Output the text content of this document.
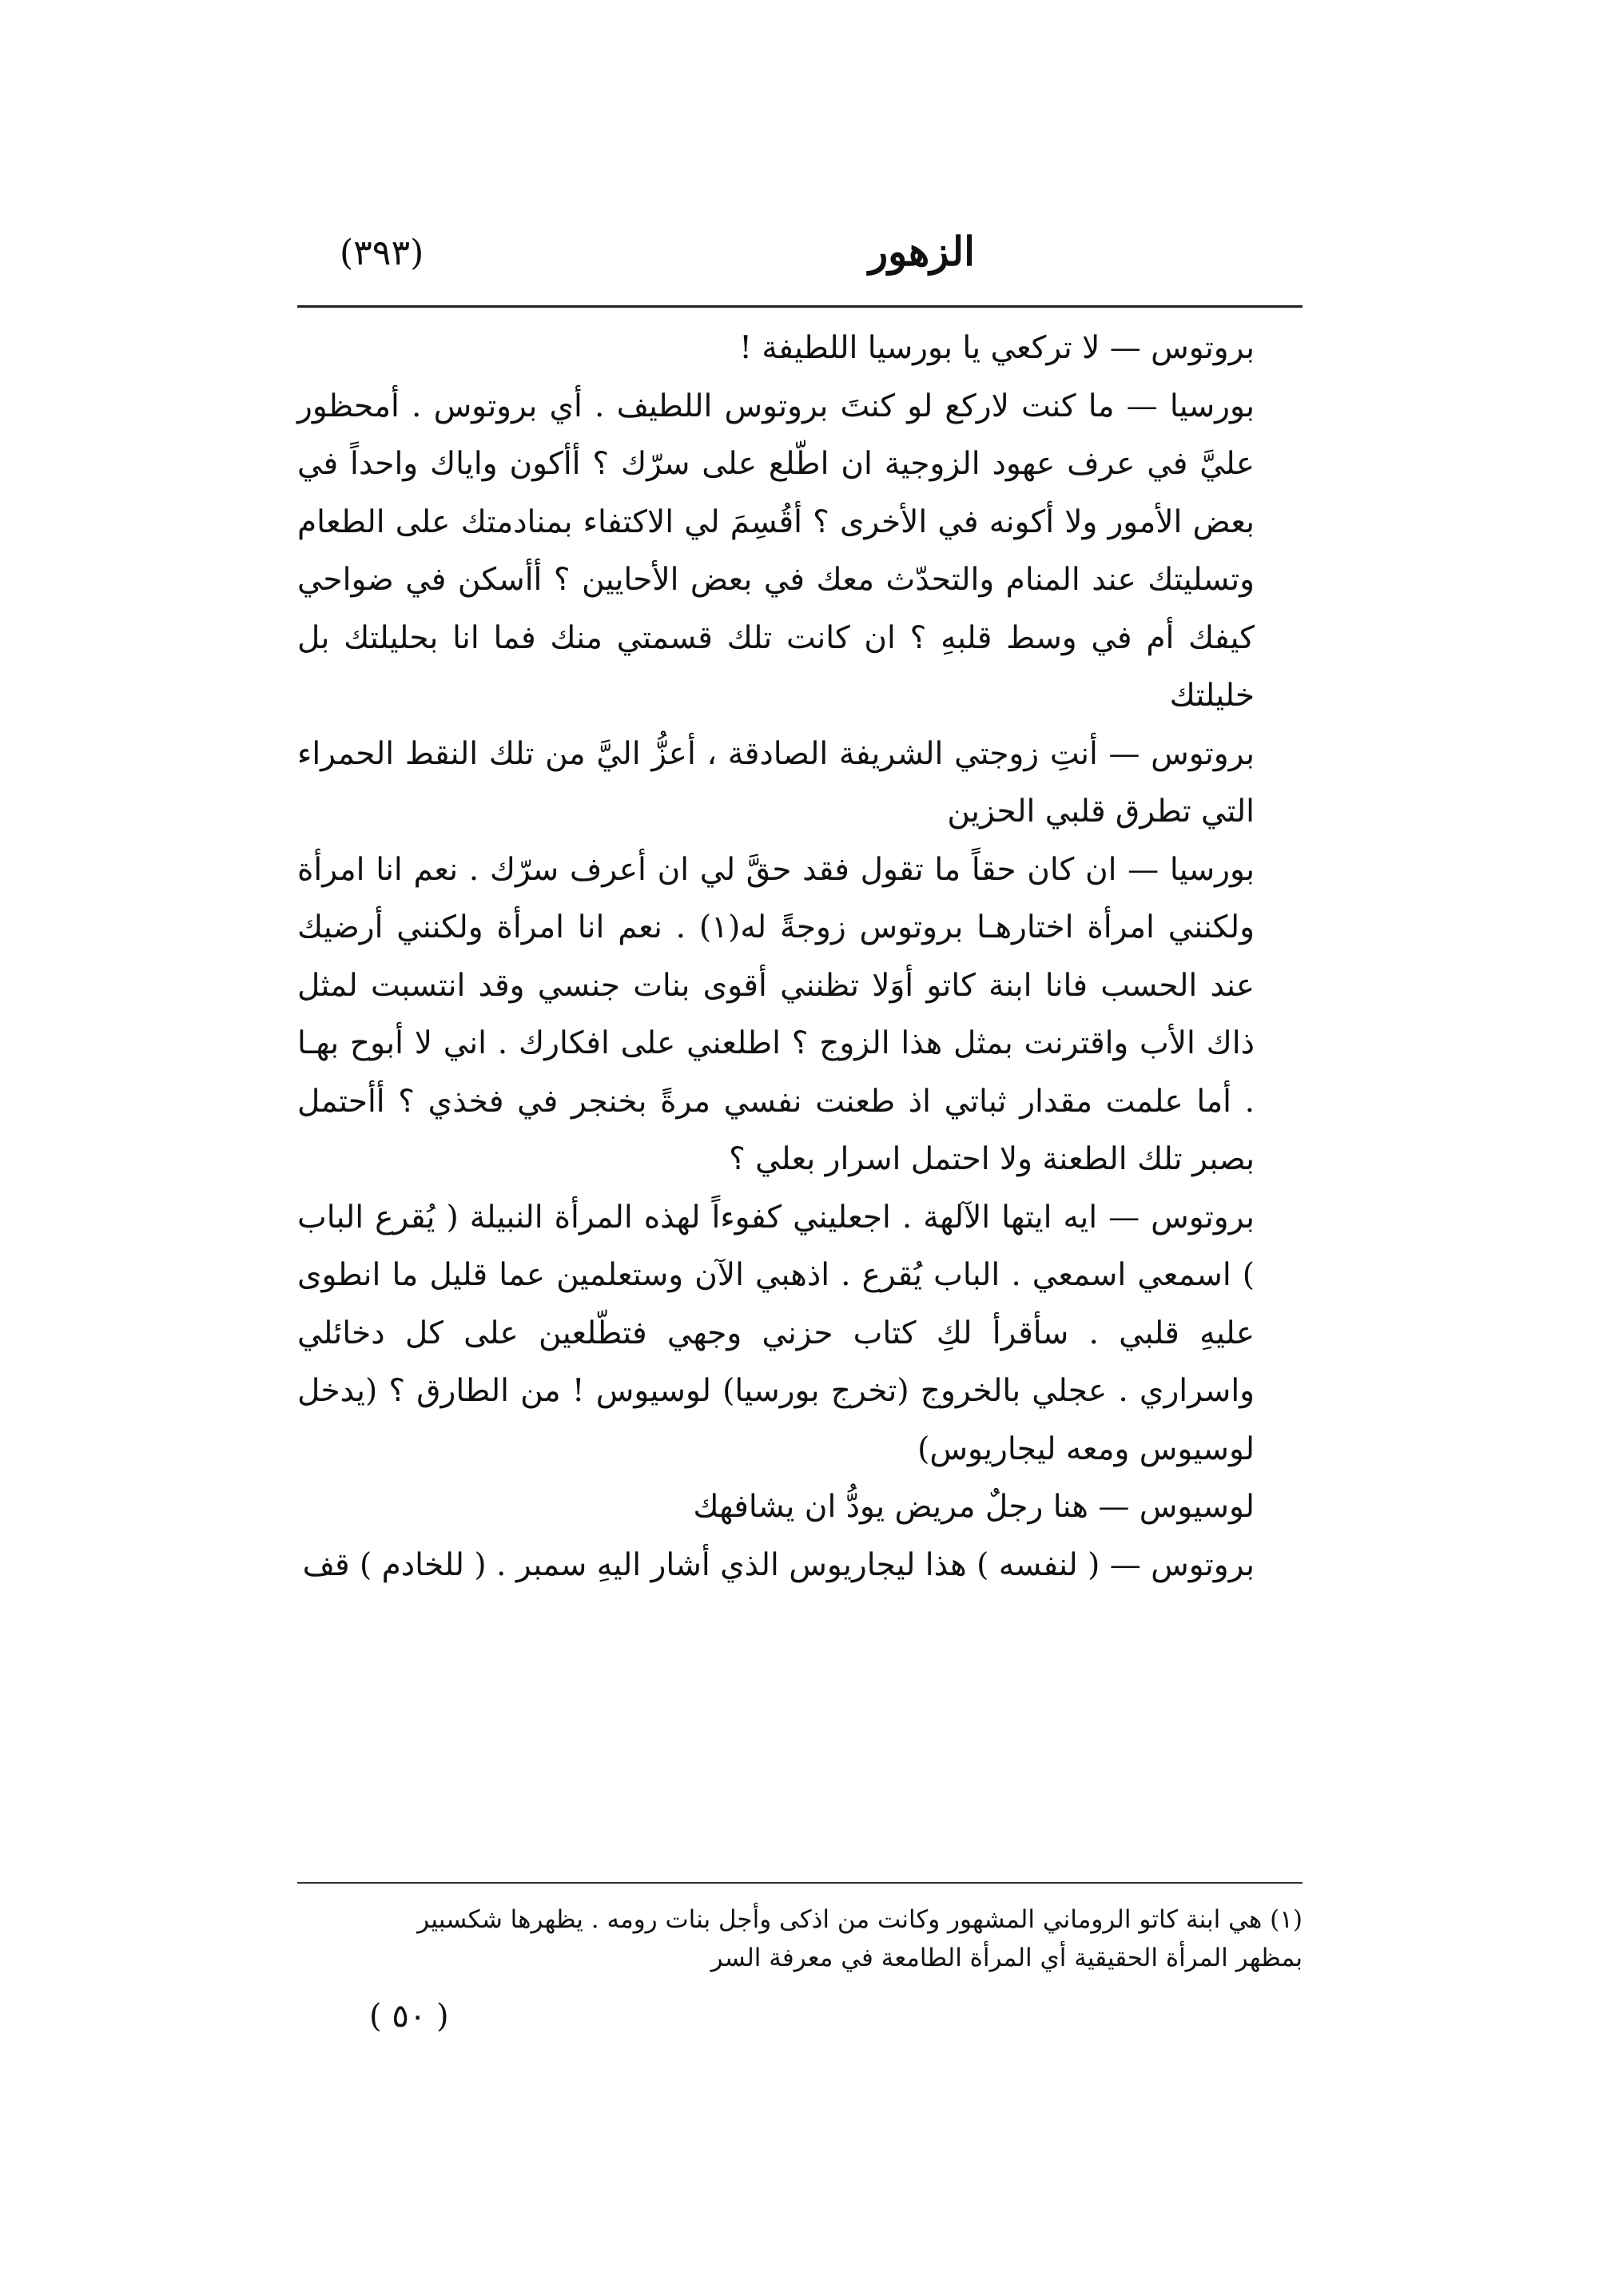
الزهور
(٣٩٣)

بروتوس — لا تركعي يا بورسيا اللطيفة !

بورسيا — ما كنت لاركع لو كنتَ بروتوس اللطيف . أي بروتوس . أمحظور عليَّ في عرف عهود الزوجية ان اطّلع على سرّك ؟ أأكون واياك واحداً في بعض الأمور ولا أكونه في الأخرى ؟ أقُسِمَ لي الاكتفاء بمنادمتك على الطعام وتسليتك عند المنام والتحدّث معك في بعض الأحايين ؟ أأسكن في ضواحي كيفك أم في وسط قلبهِ ؟ ان كانت تلك قسمتي منك فما انا بحليلتك بل خليلتك

بروتوس — أنتِ زوجتي الشريفة الصادقة ، أعزُّ اليَّ من تلك النقط الحمراء التي تطرق قلبي الحزين

بورسيا — ان كان حقاً ما تقول فقد حقَّ لي ان أعرف سرّك . نعم انا امرأة ولكنني امرأة اختارهـا بروتوس زوجةً له(١) . نعم انا امرأة ولكنني أرضيك عند الحسب فانا ابنة كاتو أوَلا تظنني أقوى بنات جنسي وقد انتسبت لمثل ذاك الأب واقترنت بمثل هذا الزوج ؟ اطلعني على افكارك . اني لا أبوح بهـا . أما علمت مقدار ثباتي اذ طعنت نفسي مرةً بخنجر في فخذي ؟ أأحتمل بصبر تلك الطعنة ولا احتمل اسرار بعلي ؟

بروتوس — ايه ايتها الآلهة . اجعليني كفوءاً لهذه المرأة النبيلة ( يُقرع الباب ) اسمعي اسمعي . الباب يُقرع . اذهبي الآن وستعلمين عما قليل ما انطوى عليهِ قلبي . سأقرأ لكِ كتاب حزني وجهي فتطّلعين على كل دخائلي واسراري . عجلي بالخروج (تخرج بورسيا) لوسيوس ! من الطارق ؟ (يدخل لوسيوس ومعه ليجاريوس)

لوسيوس — هنا رجلٌ مريض يودُّ ان يشافهك

بروتوس — ( لنفسه ) هذا ليجاريوس الذي أشار اليهِ سمبر . ( للخادم ) قف

(١) هي ابنة كاتو الروماني المشهور وكانت من اذكى وأجل بنات رومه . يظهرها شكسبير

بمظهر المرأة الحقيقية أي المرأة الطامعة في معرفة السر

( ٥٠ )
